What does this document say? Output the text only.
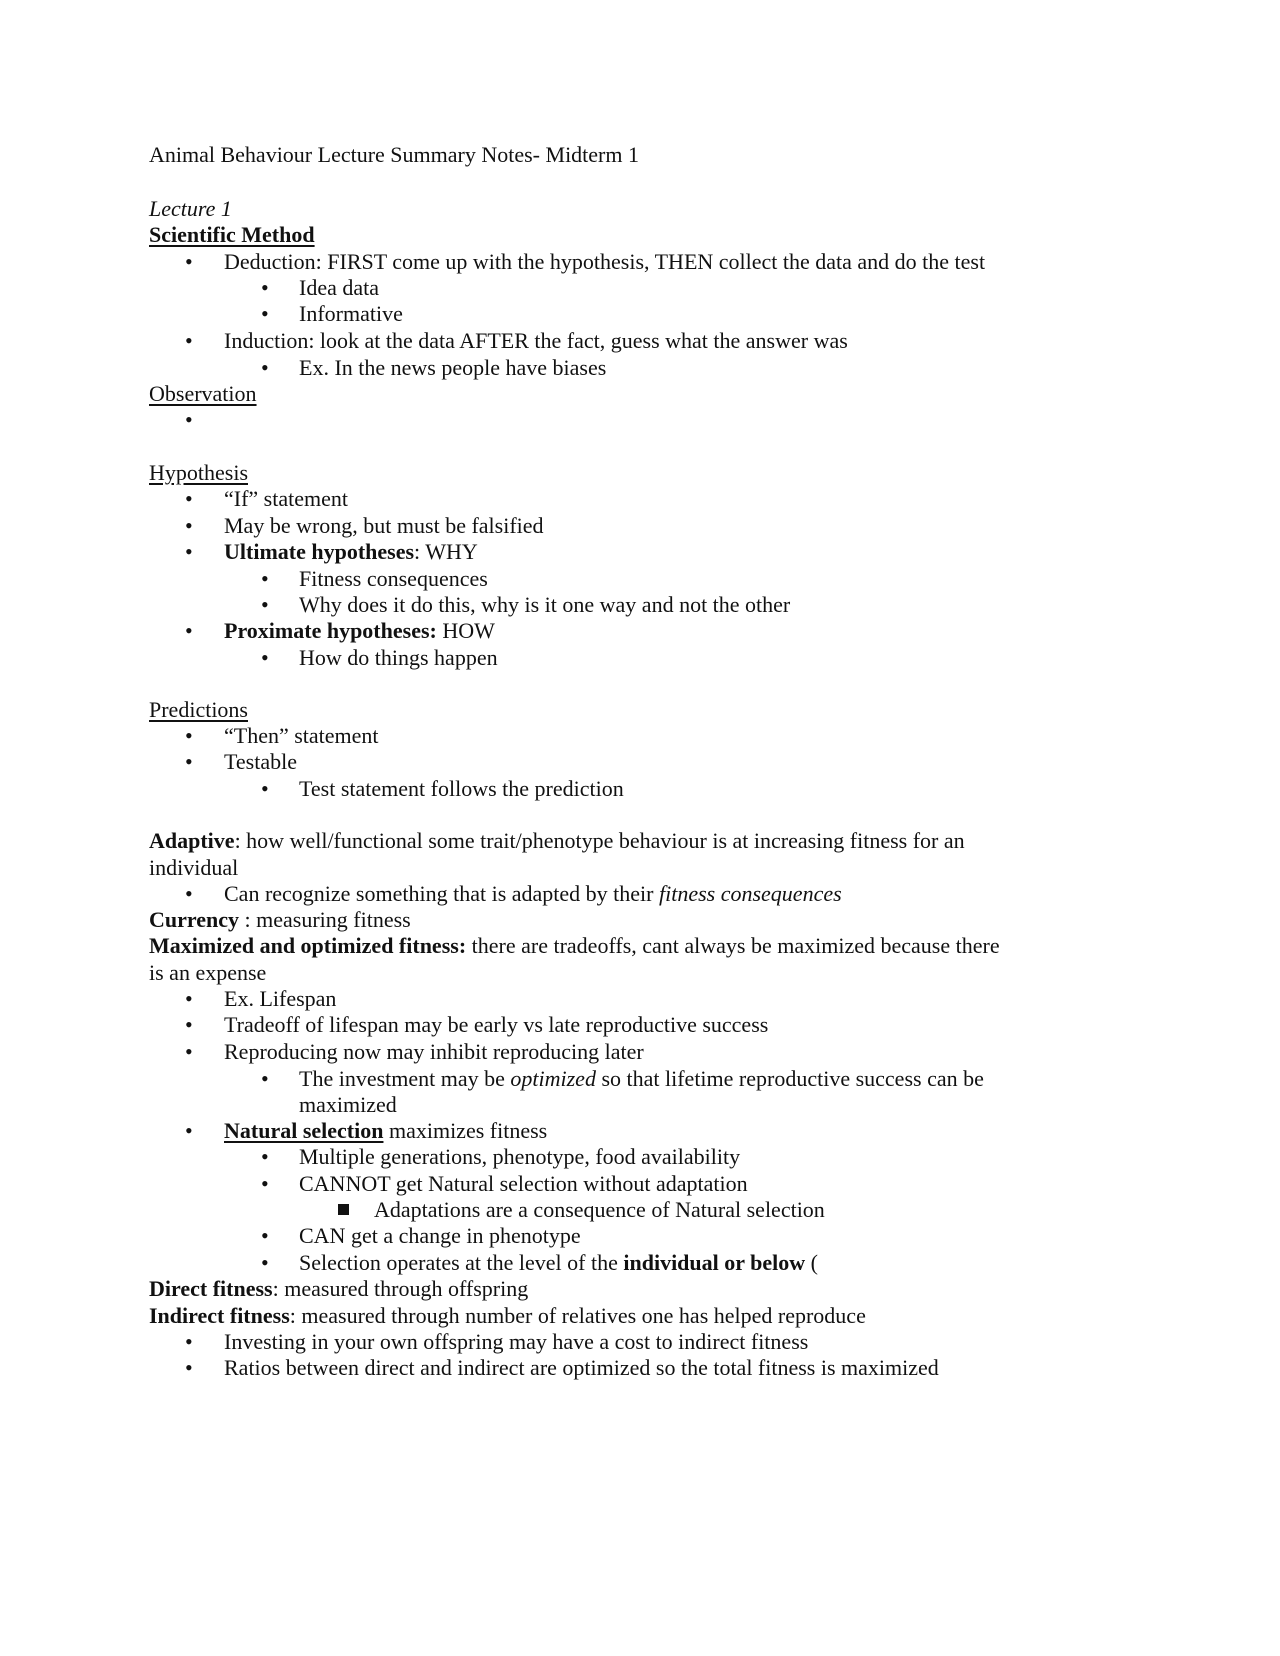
Animal Behaviour Lecture Summary Notes- Midterm 1
Lecture 1
Scientific Method
• Deduction: FIRST come up with the hypothesis, THEN collect the data and do the test
• Idea data
• Informative
• Induction: look at the data AFTER the fact, guess what the answer was
• Ex. In the news people have biases
Observation
•
Hypothesis
• “If” statement
• May be wrong, but must be falsified
• Ultimate hypotheses: WHY
• Fitness consequences
• Why does it do this, why is it one way and not the other
• Proximate hypotheses: HOW
• How do things happen
Predictions
• “Then” statement
• Testable
• Test statement follows the prediction
Adaptive: how well/functional some trait/phenotype behaviour is at increasing fitness for an
individual
• Can recognize something that is adapted by their fitness consequences
Currency : measuring fitness
Maximized and optimized fitness: there are tradeoffs, cant always be maximized because there
is an expense
• Ex. Lifespan
• Tradeoff of lifespan may be early vs late reproductive success
• Reproducing now may inhibit reproducing later
• The investment may be optimized so that lifetime reproductive success can be
maximized
• Natural selection maximizes fitness
• Multiple generations, phenotype, food availability
• CANNOT get Natural selection without adaptation
Adaptations are a consequence of Natural selection
• CAN get a change in phenotype
• Selection operates at the level of the individual or below (
Direct fitness: measured through offspring
Indirect fitness: measured through number of relatives one has helped reproduce
• Investing in your own offspring may have a cost to indirect fitness
• Ratios between direct and indirect are optimized so the total fitness is maximized
